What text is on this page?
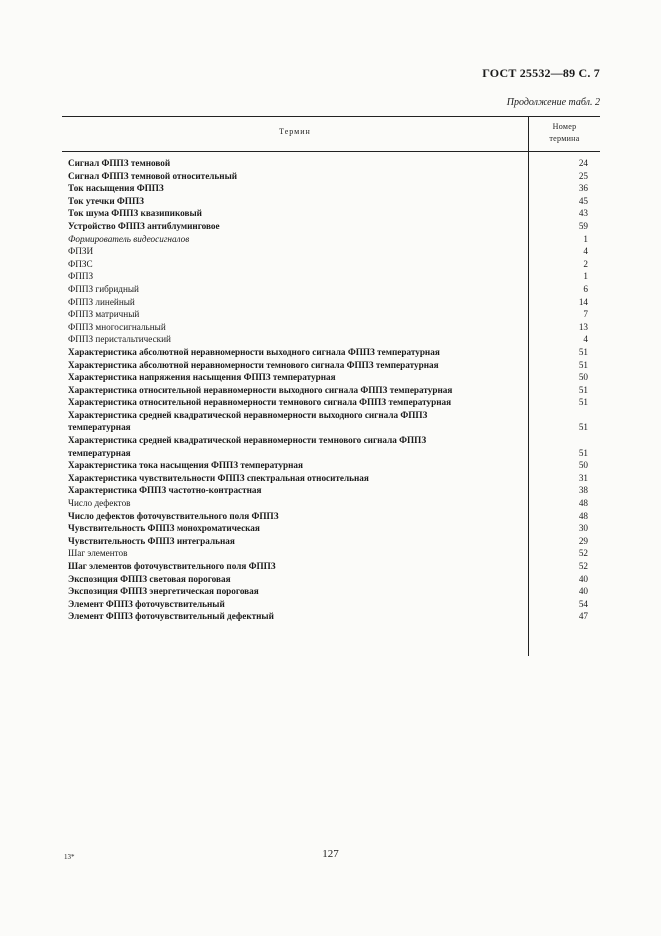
ГОСТ 25532—89 С. 7
Продолжение табл. 2
Термин
Номер
термина
Сигнал ФППЗ темновой	24
Сигнал ФППЗ темновой относительный	25
Ток насыщения ФППЗ	36
Ток утечки ФППЗ	45
Ток шума ФППЗ квазипиковый	43
Устройство ФППЗ антиблуминговое	59
Формирователь видеосигналов	1
ФПЗИ	4
ФПЗС	2
ФППЗ	1
ФППЗ гибридный	6
ФППЗ линейный	14
ФППЗ матричный	7
ФППЗ многосигнальный	13
ФППЗ перистальтический	4
Характеристика абсолютной неравномерности выходного сигнала ФППЗ температурная	51
Характеристика абсолютной неравномерности темнового сигнала ФППЗ температурная	51
Характеристика напряжения насыщения ФППЗ температурная	50
Характеристика относительной неравномерности выходного сигнала ФППЗ температурная	51
Характеристика относительной неравномерности темнового сигнала ФППЗ температурная	51
Характеристика средней квадратической неравномерности выходного сигнала ФППЗ температурная	51
Характеристика средней квадратической неравномерности темнового сигнала ФППЗ температурная	51
Характеристика тока насыщения ФППЗ температурная	50
Характеристика чувствительности ФППЗ спектральная относительная	31
Характеристика ФППЗ частотно-контрастная	38
Число дефектов	48
Число дефектов фоточувствительного поля ФППЗ	48
Чувствительность ФППЗ монохроматическая	30
Чувствительность ФППЗ интегральная	29
Шаг элементов	52
Шаг элементов фоточувствительного поля ФППЗ	52
Экспозиция ФППЗ световая пороговая	40
Экспозиция ФППЗ энергетическая пороговая	40
Элемент ФППЗ фоточувствительный	54
Элемент ФППЗ фоточувствительный дефектный	47
13*	127
